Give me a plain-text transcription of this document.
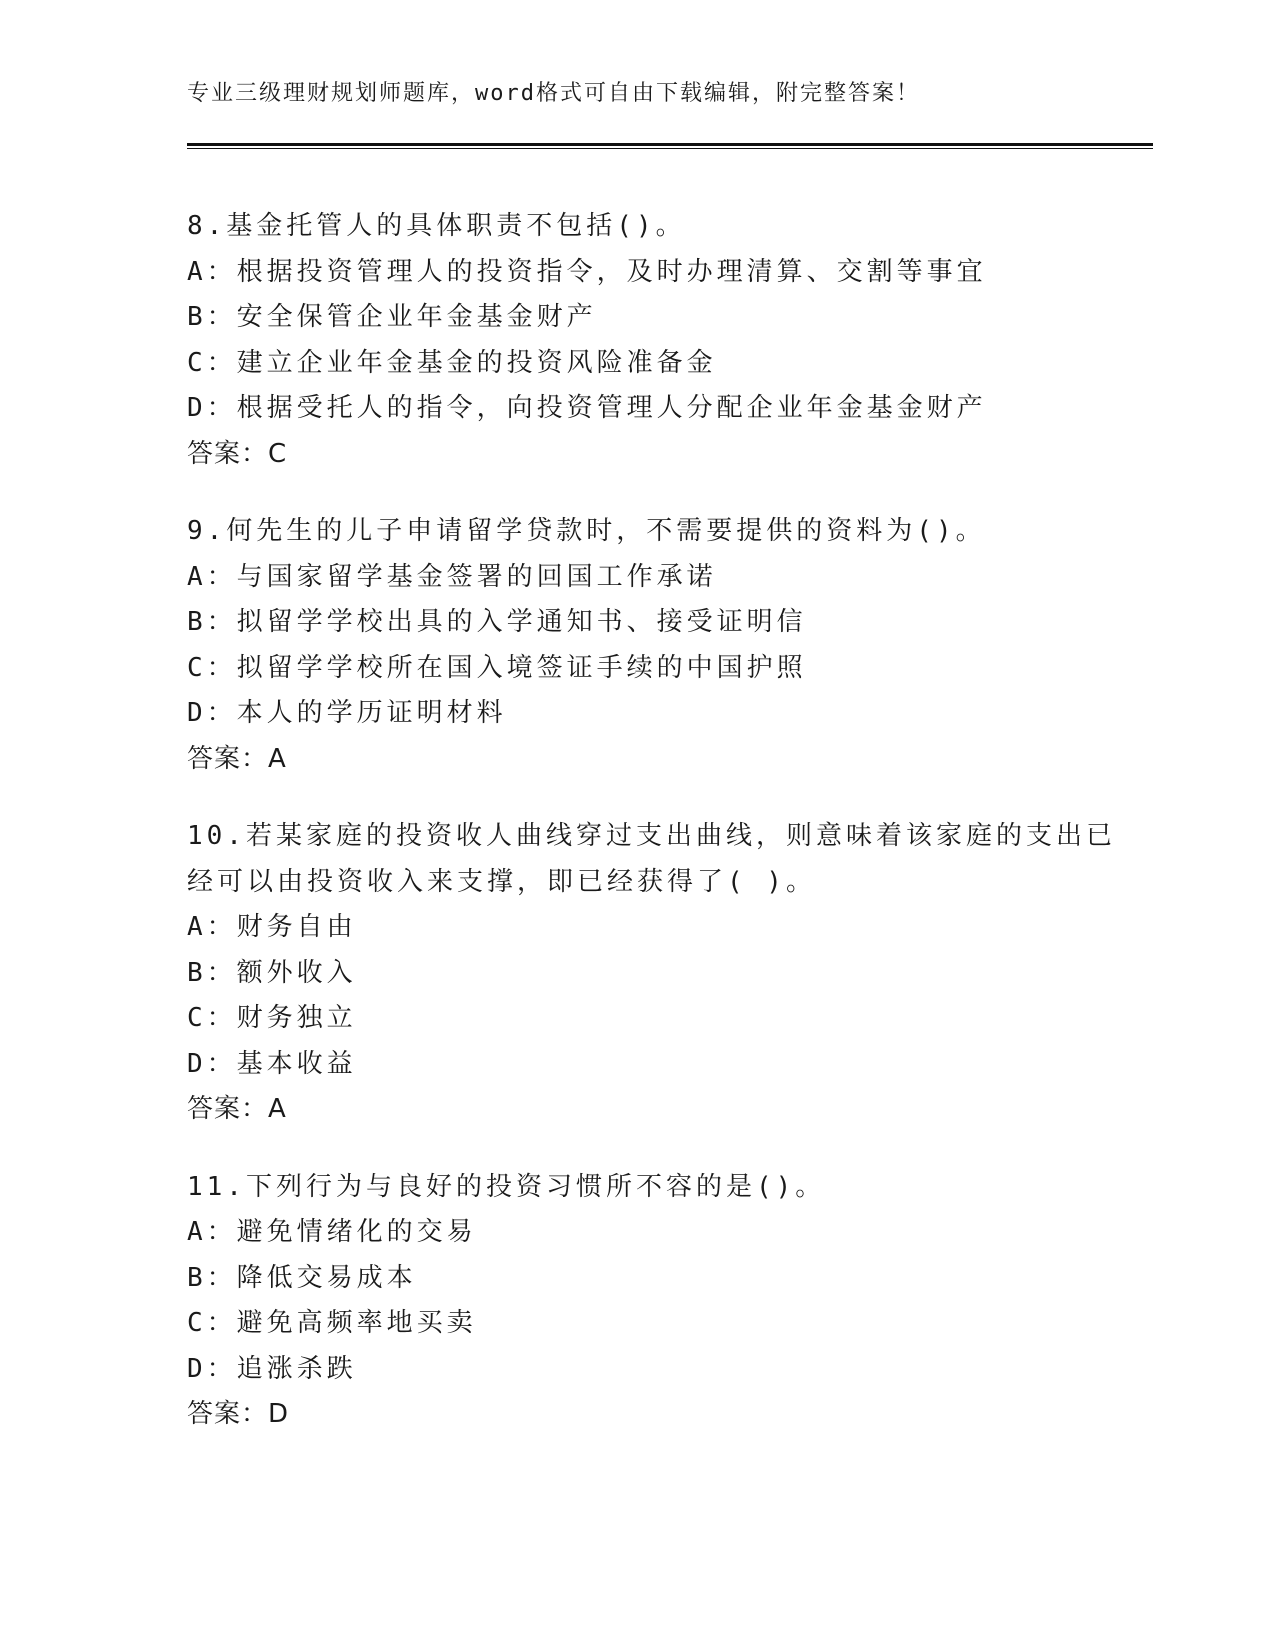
专业三级理财规划师题库，word格式可自由下载编辑，附完整答案！
8.基金托管人的具体职责不包括()。
A：根据投资管理人的投资指令，及时办理清算、交割等事宜
B：安全保管企业年金基金财产
C：建立企业年金基金的投资风险准备金
D：根据受托人的指令，向投资管理人分配企业年金基金财产
答案：C
9.何先生的儿子申请留学贷款时，不需要提供的资料为()。
A：与国家留学基金签署的回国工作承诺
B：拟留学学校出具的入学通知书、接受证明信
C：拟留学学校所在国入境签证手续的中国护照
D：本人的学历证明材料
答案：A
10.若某家庭的投资收人曲线穿过支出曲线，则意味着该家庭的支出已
经可以由投资收入来支撑，即已经获得了( )。
A：财务自由
B：额外收入
C：财务独立
D：基本收益
答案：A
11.下列行为与良好的投资习惯所不容的是()。
A：避免情绪化的交易
B：降低交易成本
C：避免高频率地买卖
D：追涨杀跌
答案：D
